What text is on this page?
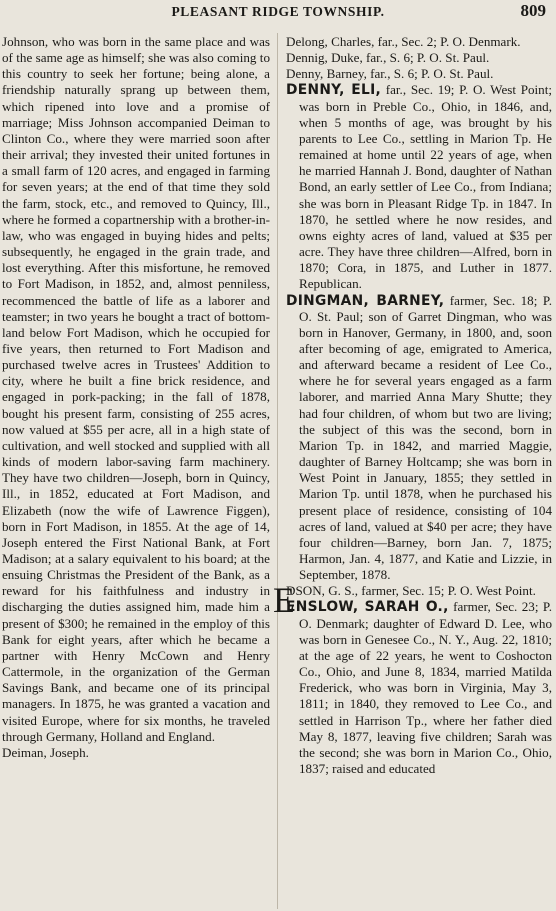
PLEASANT RIDGE TOWNSHIP.	809

Johnson, who was born in the same place and was of the same age as himself; she was also coming to this country to seek her fortune; being alone, a friendship naturally sprang up between them, which ripened into love and a promise of marriage; Miss Johnson accompanied Deiman to Clinton Co., where they were married soon after their arrival; they invested their united fortunes in a small farm of 120 acres, and engaged in farming for seven years; at the end of that time they sold the farm, stock, etc., and removed to Quincy, Ill., where he formed a copartnership with a brother-in-law, who was engaged in buying hides and pelts; subsequently, he engaged in the grain trade, and lost everything. After this misfortune, he removed to Fort Madison, in 1852, and, almost penniless, recommenced the battle of life as a laborer and teamster; in two years he bought a tract of bottom-land below Fort Madison, which he occupied for five years, then returned to Fort Madison and purchased twelve acres in Trustees' Addition to city, where he built a fine brick residence, and engaged in pork-packing; in the fall of 1878, bought his present farm, consisting of 255 acres, now valued at $55 per acre, all in a high state of cultivation, and well stocked and supplied with all kinds of modern labor-saving farm machinery. They have two children—Joseph, born in Quincy, Ill., in 1852, educated at Fort Madison, and Elizabeth (now the wife of Lawrence Figgen), born in Fort Madison, in 1855. At the age of 14, Joseph entered the First National Bank, at Fort Madison; at a salary equivalent to his board; at the ensuing Christmas the President of the Bank, as a reward for his faithfulness and industry in discharging the duties assigned him, made him a present of $300; he remained in the employ of this Bank for eight years, after which he became a partner with Henry McCown and Henry Cattermole, in the organization of the German Savings Bank, and became one of its principal managers. In 1875, he was granted a vacation and visited Europe, where for six months, he traveled through Germany, Holland and England.

Deiman, Joseph.

Delong, Charles, far., Sec. 2; P. O. Denmark.

Dennig, Duke, far., S. 6; P. O. St. Paul.

Denny, Barney, far., S. 6; P. O. St. Paul.

DENNY, ELI, far., Sec. 19; P. O. West Point; was born in Preble Co., Ohio, in 1846, and, when 5 months of age, was brought by his parents to Lee Co., settling in Marion Tp. He remained at home until 22 years of age, when he married Hannah J. Bond, daughter of Nathan Bond, an early settler of Lee Co., from Indiana; she was born in Pleasant Ridge Tp. in 1847. In 1870, he settled where he now resides, and owns eighty acres of land, valued at $35 per acre. They have three children—Alfred, born in 1870; Cora, in 1875, and Luther in 1877. Republican.

DINGMAN, BARNEY, farmer, Sec. 18; P. O. St. Paul; son of Garret Dingman, who was born in Hanover, Germany, in 1800, and, soon after becoming of age, emigrated to America, and afterward became a resident of Lee Co., where he for several years engaged as a farm laborer, and married Anna Mary Shutte; they had four children, of whom but two are living; the subject of this was the second, born in Marion Tp. in 1842, and married Maggie, daughter of Barney Holtcamp; she was born in West Point in January, 1855; they settled in Marion Tp. until 1878, when he purchased his present place of residence, consisting of 104 acres of land, valued at $40 per acre; they have four children—Barney, born Jan. 7, 1875; Harmon, Jan. 4, 1877, and Katie and Lizzie, in September, 1878.

E
DSON, G. S., farmer, Sec. 15; P. O. West Point.

ENSLOW, SARAH O., farmer, Sec. 23; P. O. Denmark; daughter of Edward D. Lee, who was born in Genesee Co., N. Y., Aug. 22, 1810; at the age of 22 years, he went to Coshocton Co., Ohio, and June 8, 1834, married Matilda Frederick, who was born in Virginia, May 3, 1811; in 1840, they removed to Lee Co., and settled in Harrison Tp., where her father died May 8, 1877, leaving five children; Sarah was the second; she was born in Marion Co., Ohio, 1837; raised and educated
